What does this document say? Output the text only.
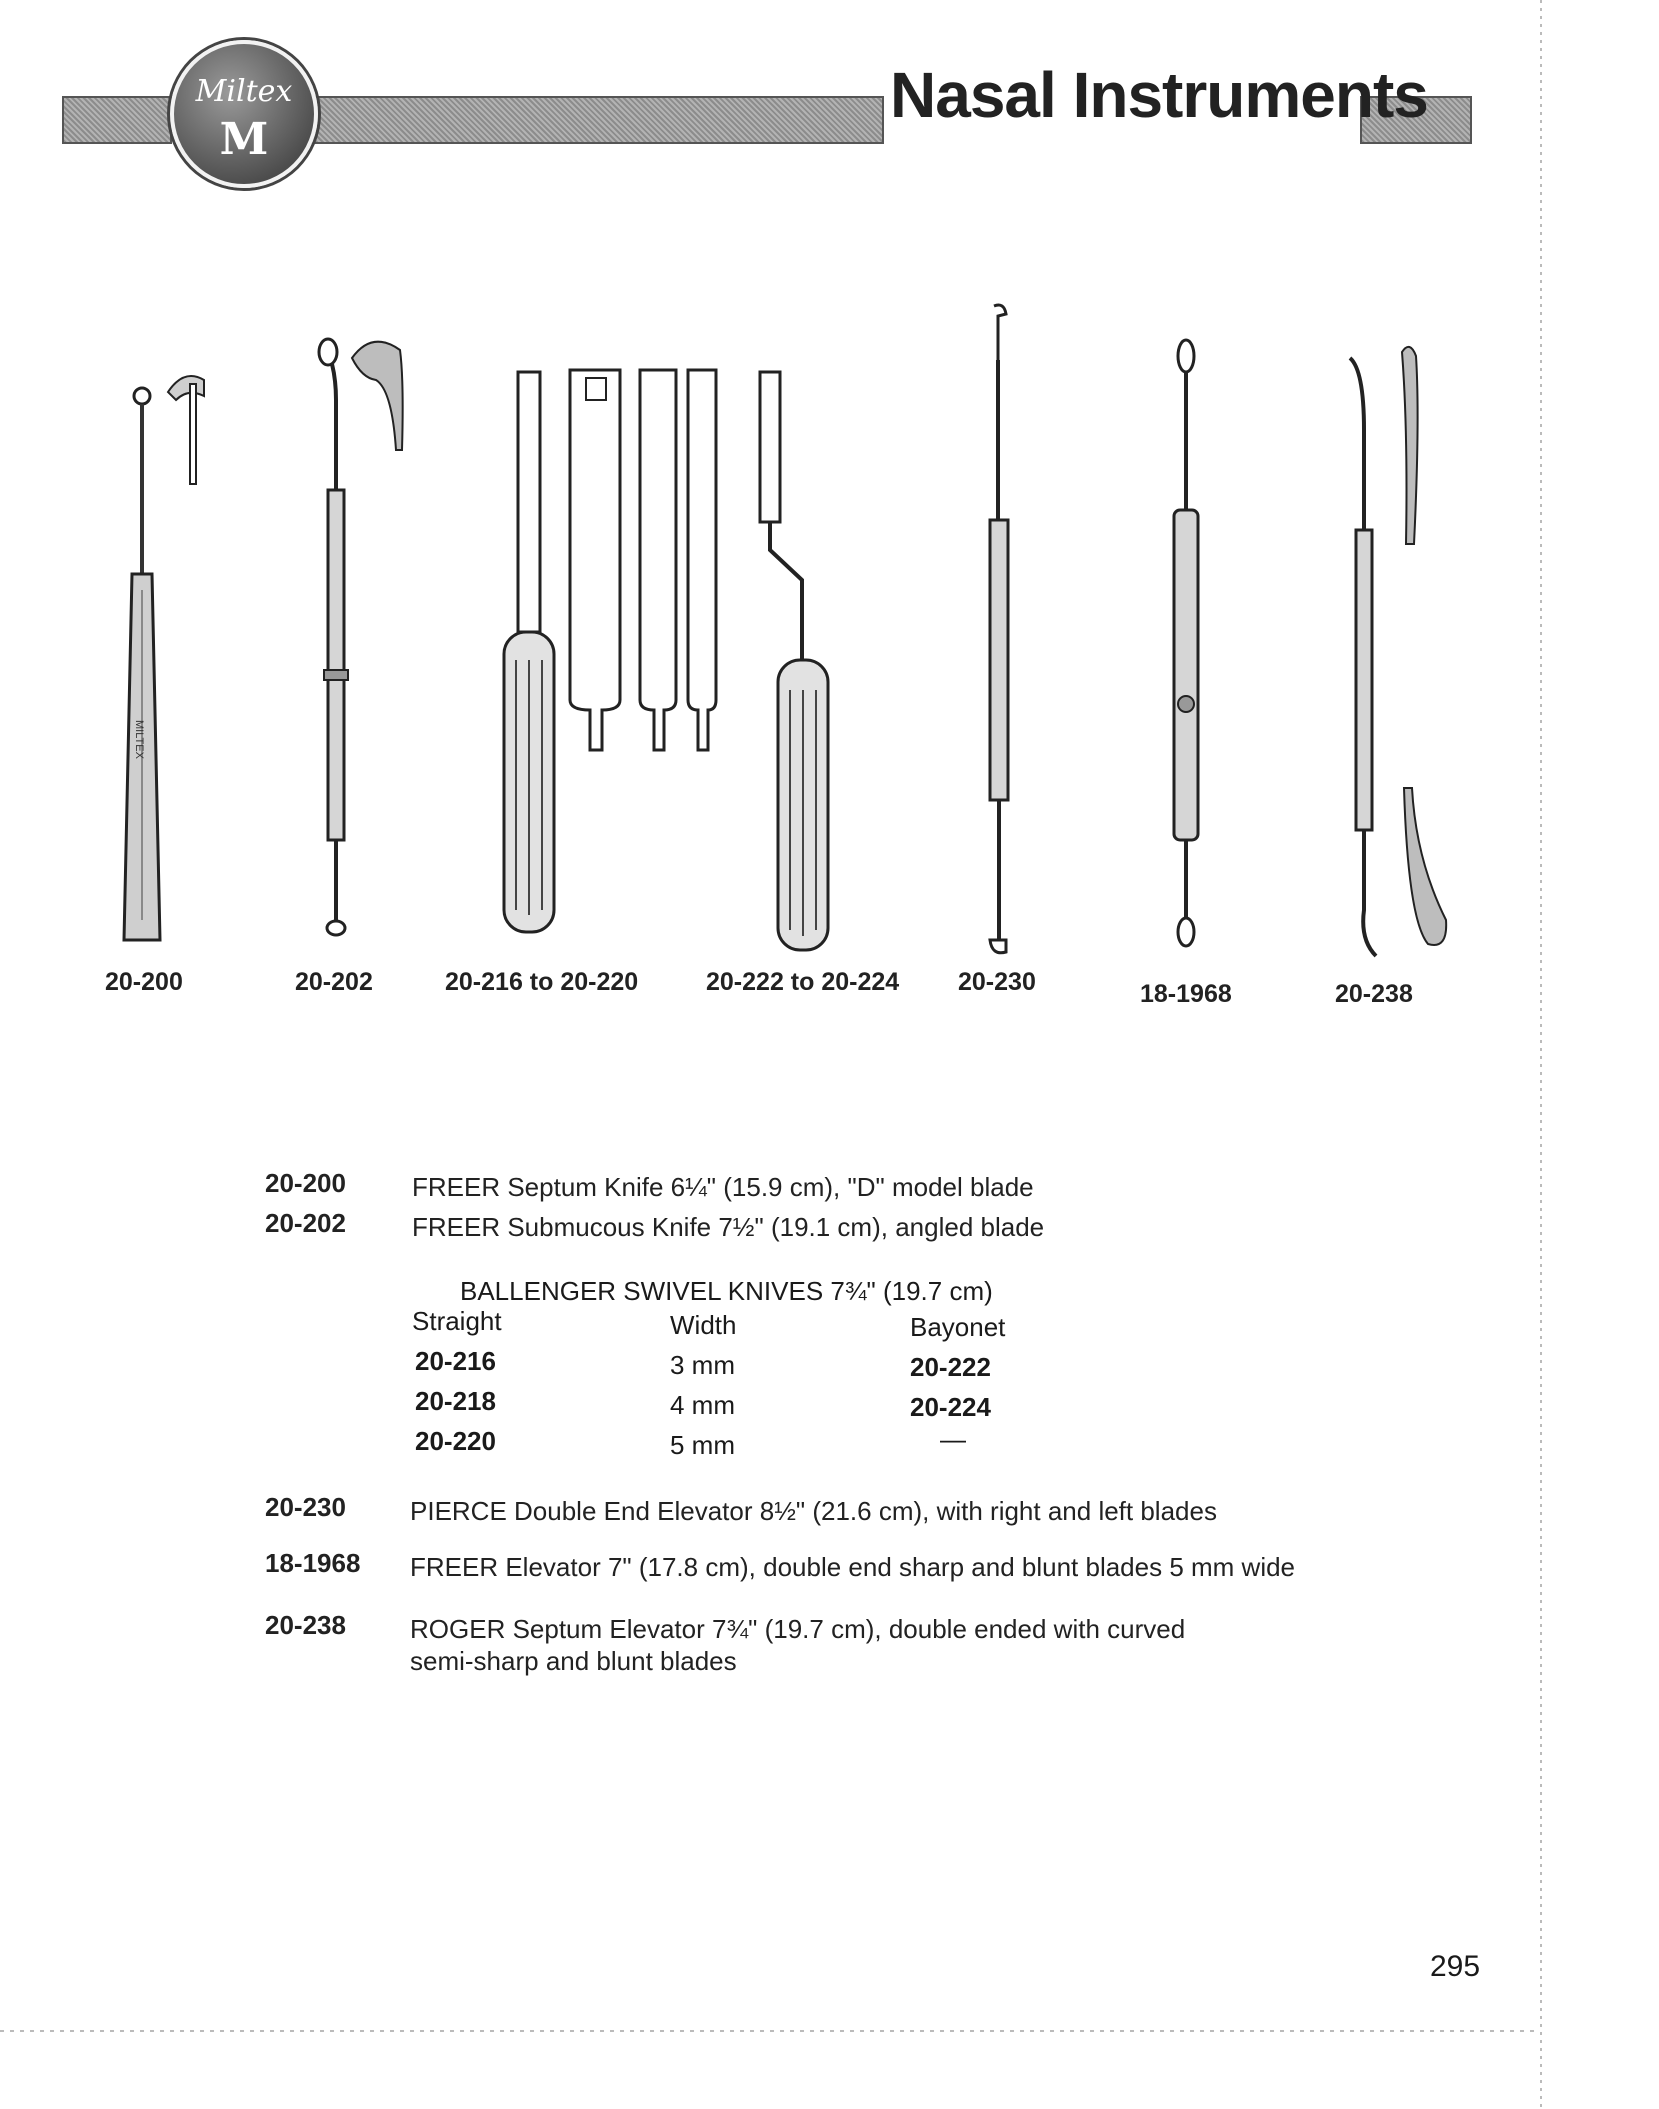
Miltex
M
Nasal Instruments
MILTEX
20-200	20-202	20-216 to 20-220	20-222 to 20-224 20-230	18-1968	20-238
20-200	FREER Septum Knife 6¼" (15.9 cm), "D" model blade
20-202	FREER Submucous Knife 7½" (19.1 cm), angled blade
BALLENGER SWIVEL KNIVES 7¾" (19.7 cm)
Straight	Width	Bayonet
20-216	3 mm	20-222
20-218	4 mm	20-224
20-220	5 mm	—
20-230 PIERCE Double End Elevator 8½" (21.6 cm), with right and left blades
18-1968 FREER Elevator 7" (17.8 cm), double end sharp and blunt blades 5 mm wide
20-238 ROGER Septum Elevator 7¾" (19.7 cm), double ended with curved
semi-sharp and blunt blades
295
